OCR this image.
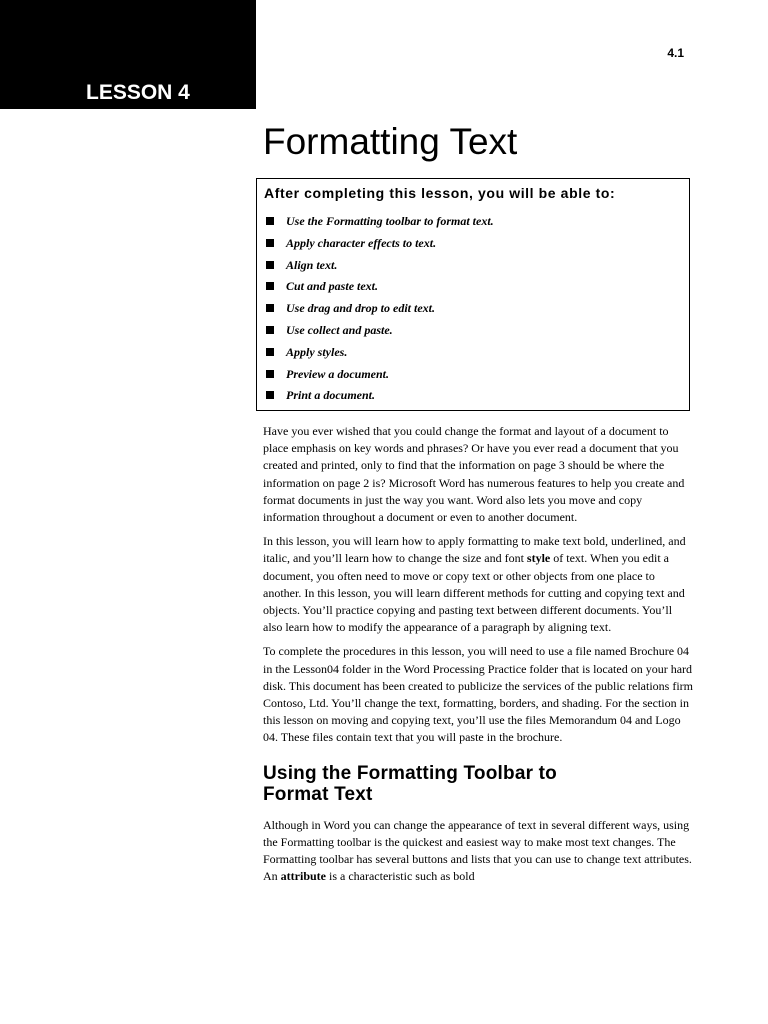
LESSON 4
4.1
Formatting Text
After completing this lesson, you will be able to:
Use the Formatting toolbar to format text.
Apply character effects to text.
Align text.
Cut and paste text.
Use drag and drop to edit text.
Use collect and paste.
Apply styles.
Preview a document.
Print a document.

Have you ever wished that you could change the format and layout of a document to place emphasis on key words and phrases? Or have you ever read a document that you created and printed, only to find that the information on page 3 should be where the information on page 2 is? Microsoft Word has numerous features to help you create and format documents in just the way you want. Word also lets you move and copy information throughout a document or even to another document.

In this lesson, you will learn how to apply formatting to make text bold, underlined, and italic, and you’ll learn how to change the size and font style of text. When you edit a document, you often need to move or copy text or other objects from one place to another. In this lesson, you will learn different methods for cutting and copying text and objects. You’ll practice copying and pasting text between different documents. You’ll also learn how to modify the appearance of a paragraph by aligning text.

To complete the procedures in this lesson, you will need to use a file named Brochure 04 in the Lesson04 folder in the Word Processing Practice folder that is located on your hard disk. This document has been created to publicize the services of the public relations firm Contoso, Ltd. You’ll change the text, formatting, borders, and shading. For the section in this lesson on moving and copying text, you’ll use the files Memorandum 04 and Logo 04. These files contain text that you will paste in the brochure.

Using the Formatting Toolbar to
Format Text

Although in Word you can change the appearance of text in several different ways, using the Formatting toolbar is the quickest and easiest way to make most text changes. The Formatting toolbar has several buttons and lists that you can use to change text attributes. An attribute is a characteristic such as bold
